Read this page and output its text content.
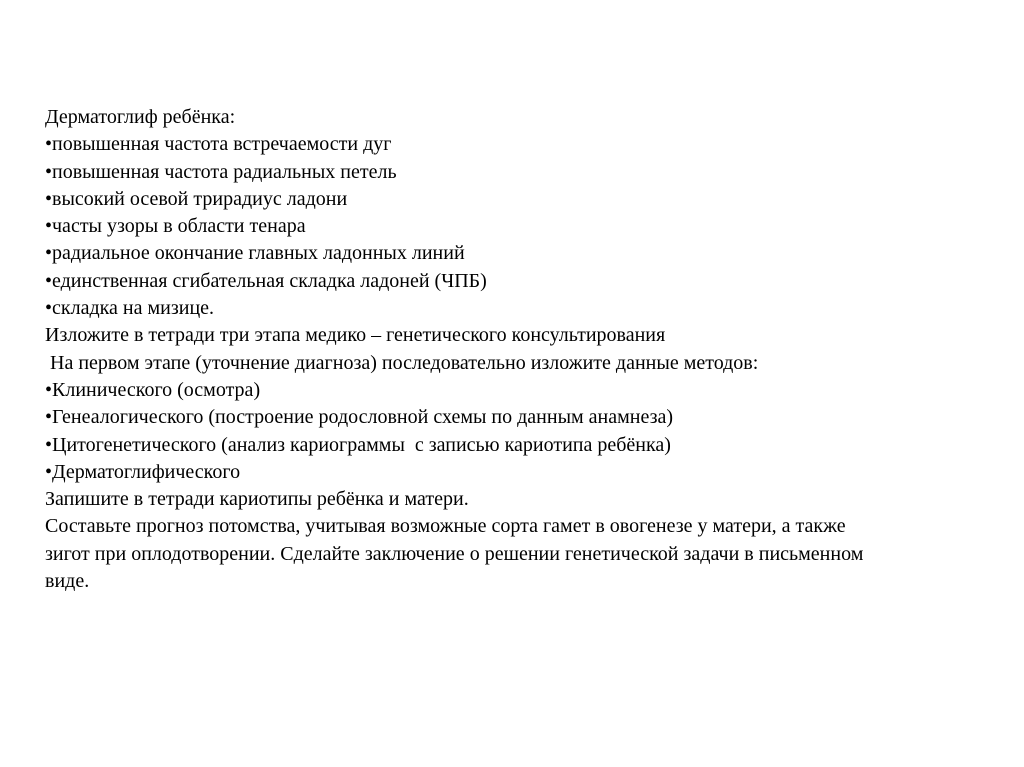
Дерматоглиф ребёнка:
•повышенная частота встречаемости дуг
•повышенная частота радиальных петель
•высокий осевой трирадиус ладони
•часты узоры в области тенара
•радиальное окончание главных ладонных линий
•единственная сгибательная складка ладоней (ЧПБ)
•складка на мизице.
Изложите в тетради три этапа медико – генетического консультирования
На первом этапе (уточнение диагноза) последовательно изложите данные методов:
•Клинического (осмотра)
•Генеалогического (построение родословной схемы по данным анамнеза)
•Цитогенетического (анализ кариограммы  с записью кариотипа ребёнка)
•Дерматоглифического
Запишите в тетради кариотипы ребёнка и матери.
Составьте прогноз потомства, учитывая возможные сорта гамет в овогенезе у матери, а также
зигот при оплодотворении. Сделайте заключение о решении генетической задачи в письменном
виде.
